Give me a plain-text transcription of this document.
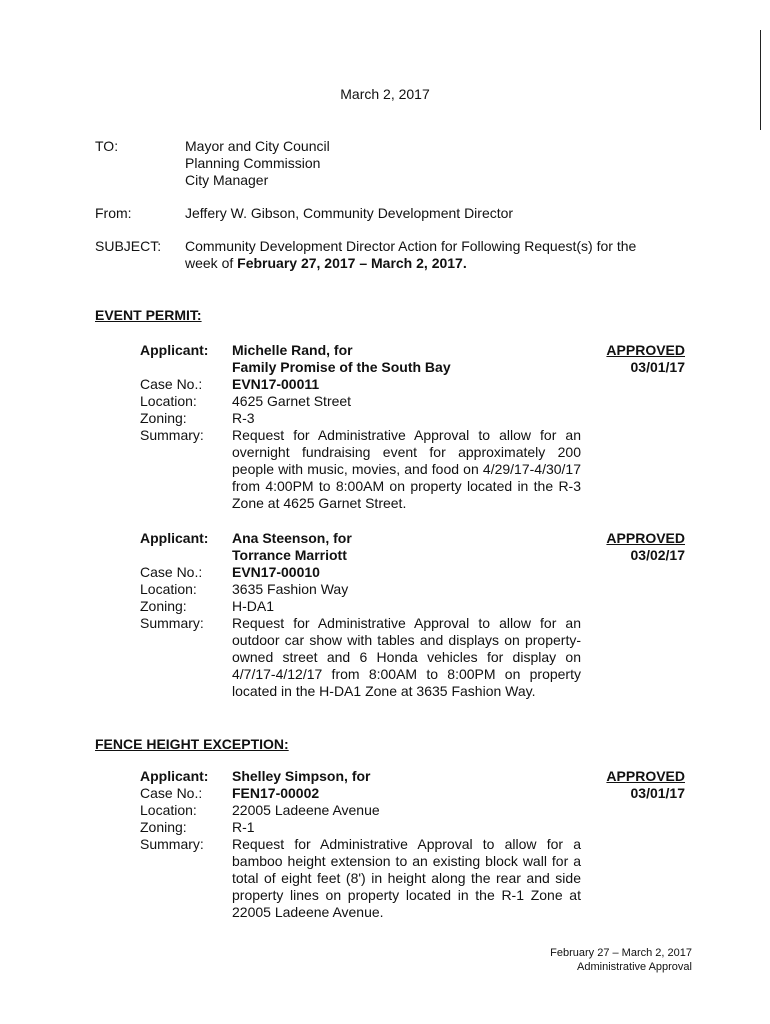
March 2, 2017
TO:	Mayor and City Council
Planning Commission
City Manager
From:	Jeffery W. Gibson, Community Development Director
SUBJECT:	Community Development Director Action for Following Request(s) for the
week of February 27, 2017 – March 2, 2017.
EVENT PERMIT:
Applicant:	Michelle Rand, for
Family Promise of the South Bay
Case No.:	EVN17-00011
Location:	4625 Garnet Street
Zoning:	R-3
Summary:	Request for Administrative Approval to allow for an overnight fundraising event for approximately 200 people with music, movies, and food on 4/29/17-4/30/17 from 4:00PM to 8:00AM on property located in the R-3 Zone at 4625 Garnet Street.
APPROVED
03/01/17
Applicant:	Ana Steenson, for
Torrance Marriott
Case No.:	EVN17-00010
Location:	3635 Fashion Way
Zoning:	H-DA1
Summary:	Request for Administrative Approval to allow for an outdoor car show with tables and displays on property-owned street and 6 Honda vehicles for display on 4/7/17-4/12/17 from 8:00AM to 8:00PM on property located in the H-DA1 Zone at 3635 Fashion Way.
APPROVED
03/02/17
FENCE HEIGHT EXCEPTION:
Applicant:	Shelley Simpson, for
Case No.:	FEN17-00002
Location:	22005 Ladeene Avenue
Zoning:	R-1
Summary:	Request for Administrative Approval to allow for a bamboo height extension to an existing block wall for a total of eight feet (8') in height along the rear and side property lines on property located in the R-1 Zone at 22005 Ladeene Avenue.
APPROVED
03/01/17
February 27 – March 2, 2017
Administrative Approval
